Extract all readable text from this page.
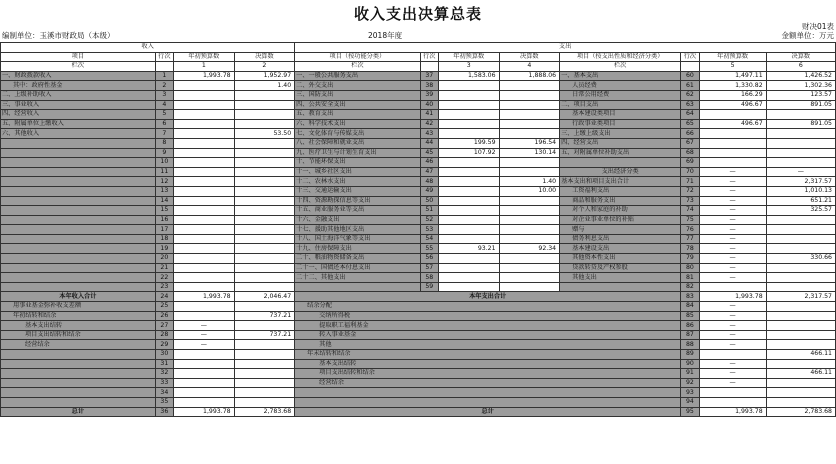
收入支出决算总表
财决01表
编制单位：玉溪市财政局（本级）	2018年度	金额单位：万元
收入				支出							
项目	行次	年初预算数	决算数	项目（按功能分类）	行次	年初预算数	决算数	项目（按支出性质和经济分类）	行次	年初预算数	决算数
栏次		1	2	栏次		3	4	栏次		5	6
一、财政拨款收入	1	1,993.78	1,952.97	一、一般公共服务支出	37	1,583.06	1,888.06	一、基本支出	60	1,497.11	1,426.52
其中：政府性基金	2		1.40	二、外交支出	38			人员经费	61	1,330.82	1,302.36
二、上级补助收入	3			三、国防支出	39			日常公用经费	62	166.29	123.57
三、事业收入	4			四、公共安全支出	40			二、项目支出	63	496.67	891.05
四、经营收入	5			五、教育支出	41			基本建设类项目	64		
五、附属单位上缴收入	6			六、科学技术支出	42			行政事业类项目	65	496.67	891.05
六、其他收入	7		53.50	七、文化体育与传媒支出	43			三、上缴上级支出	66		
	8			八、社会保障和就业支出	44	199.59	196.54	四、经营支出	67		
	9			九、医疗卫生与计划生育支出	45	107.92	130.14	五、对附属单位补助支出	68		
	10			十、节能环保支出	46				69		
	11			十一、城乡社区支出	47			支出经济分类	70	—	—
	12			十二、农林水支出	48		1.40	基本支出和项目支出合计	71	—	2,317.57
	13			十三、交通运输支出	49		10.00	工资福利支出	72	—	1,010.13
	14			十四、资源勘探信息等支出	50			商品和服务支出	73	—	651.21
	15			十五、商业服务业等支出	51			对个人和家庭的补助	74	—	325.57
	16			十六、金融支出	52			对企业事业单位的补贴	75	—	
	17			十七、援助其他地区支出	53			赠与	76	—	
	18			十八、国土海洋气象等支出	54			债务利息支出	77	—	
	19			十九、住房保障支出	55	93.21	92.34	基本建设支出	78	—	
	20			二十、粮油物资储备支出	56			其他资本性支出	79	—	330.66
	21			二十一、国债还本付息支出	57			贷款转贷及产权参股	80	—	
	22			二十二、其他支出	58			其他支出	81	—	
	23				59				82		
本年收入合计	24	1,993.78	2,046.47	本年支出合计					83	1,993.78	2,317.57
用事业基金弥补收支差额	25			结余分配					84	—	
年初结转和结余	26		737.21	交纳所得税					85	—	
基本支出结转	27	—		提取职工福利基金					86	—	
项目支出结转和结余	28	—	737.21	转入事业基金					87	—	
经营结余	29	—		其他					88	—	
	30			年末结转和结余					89		466.11
	31			基本支出结转					90	—	
	32			项目支出结转和结余					91	—	466.11
	33			经营结余					92	—	
	34								93		
	35								94		
总计	36	1,993.78	2,783.68	总计					95	1,993.78	2,783.68
